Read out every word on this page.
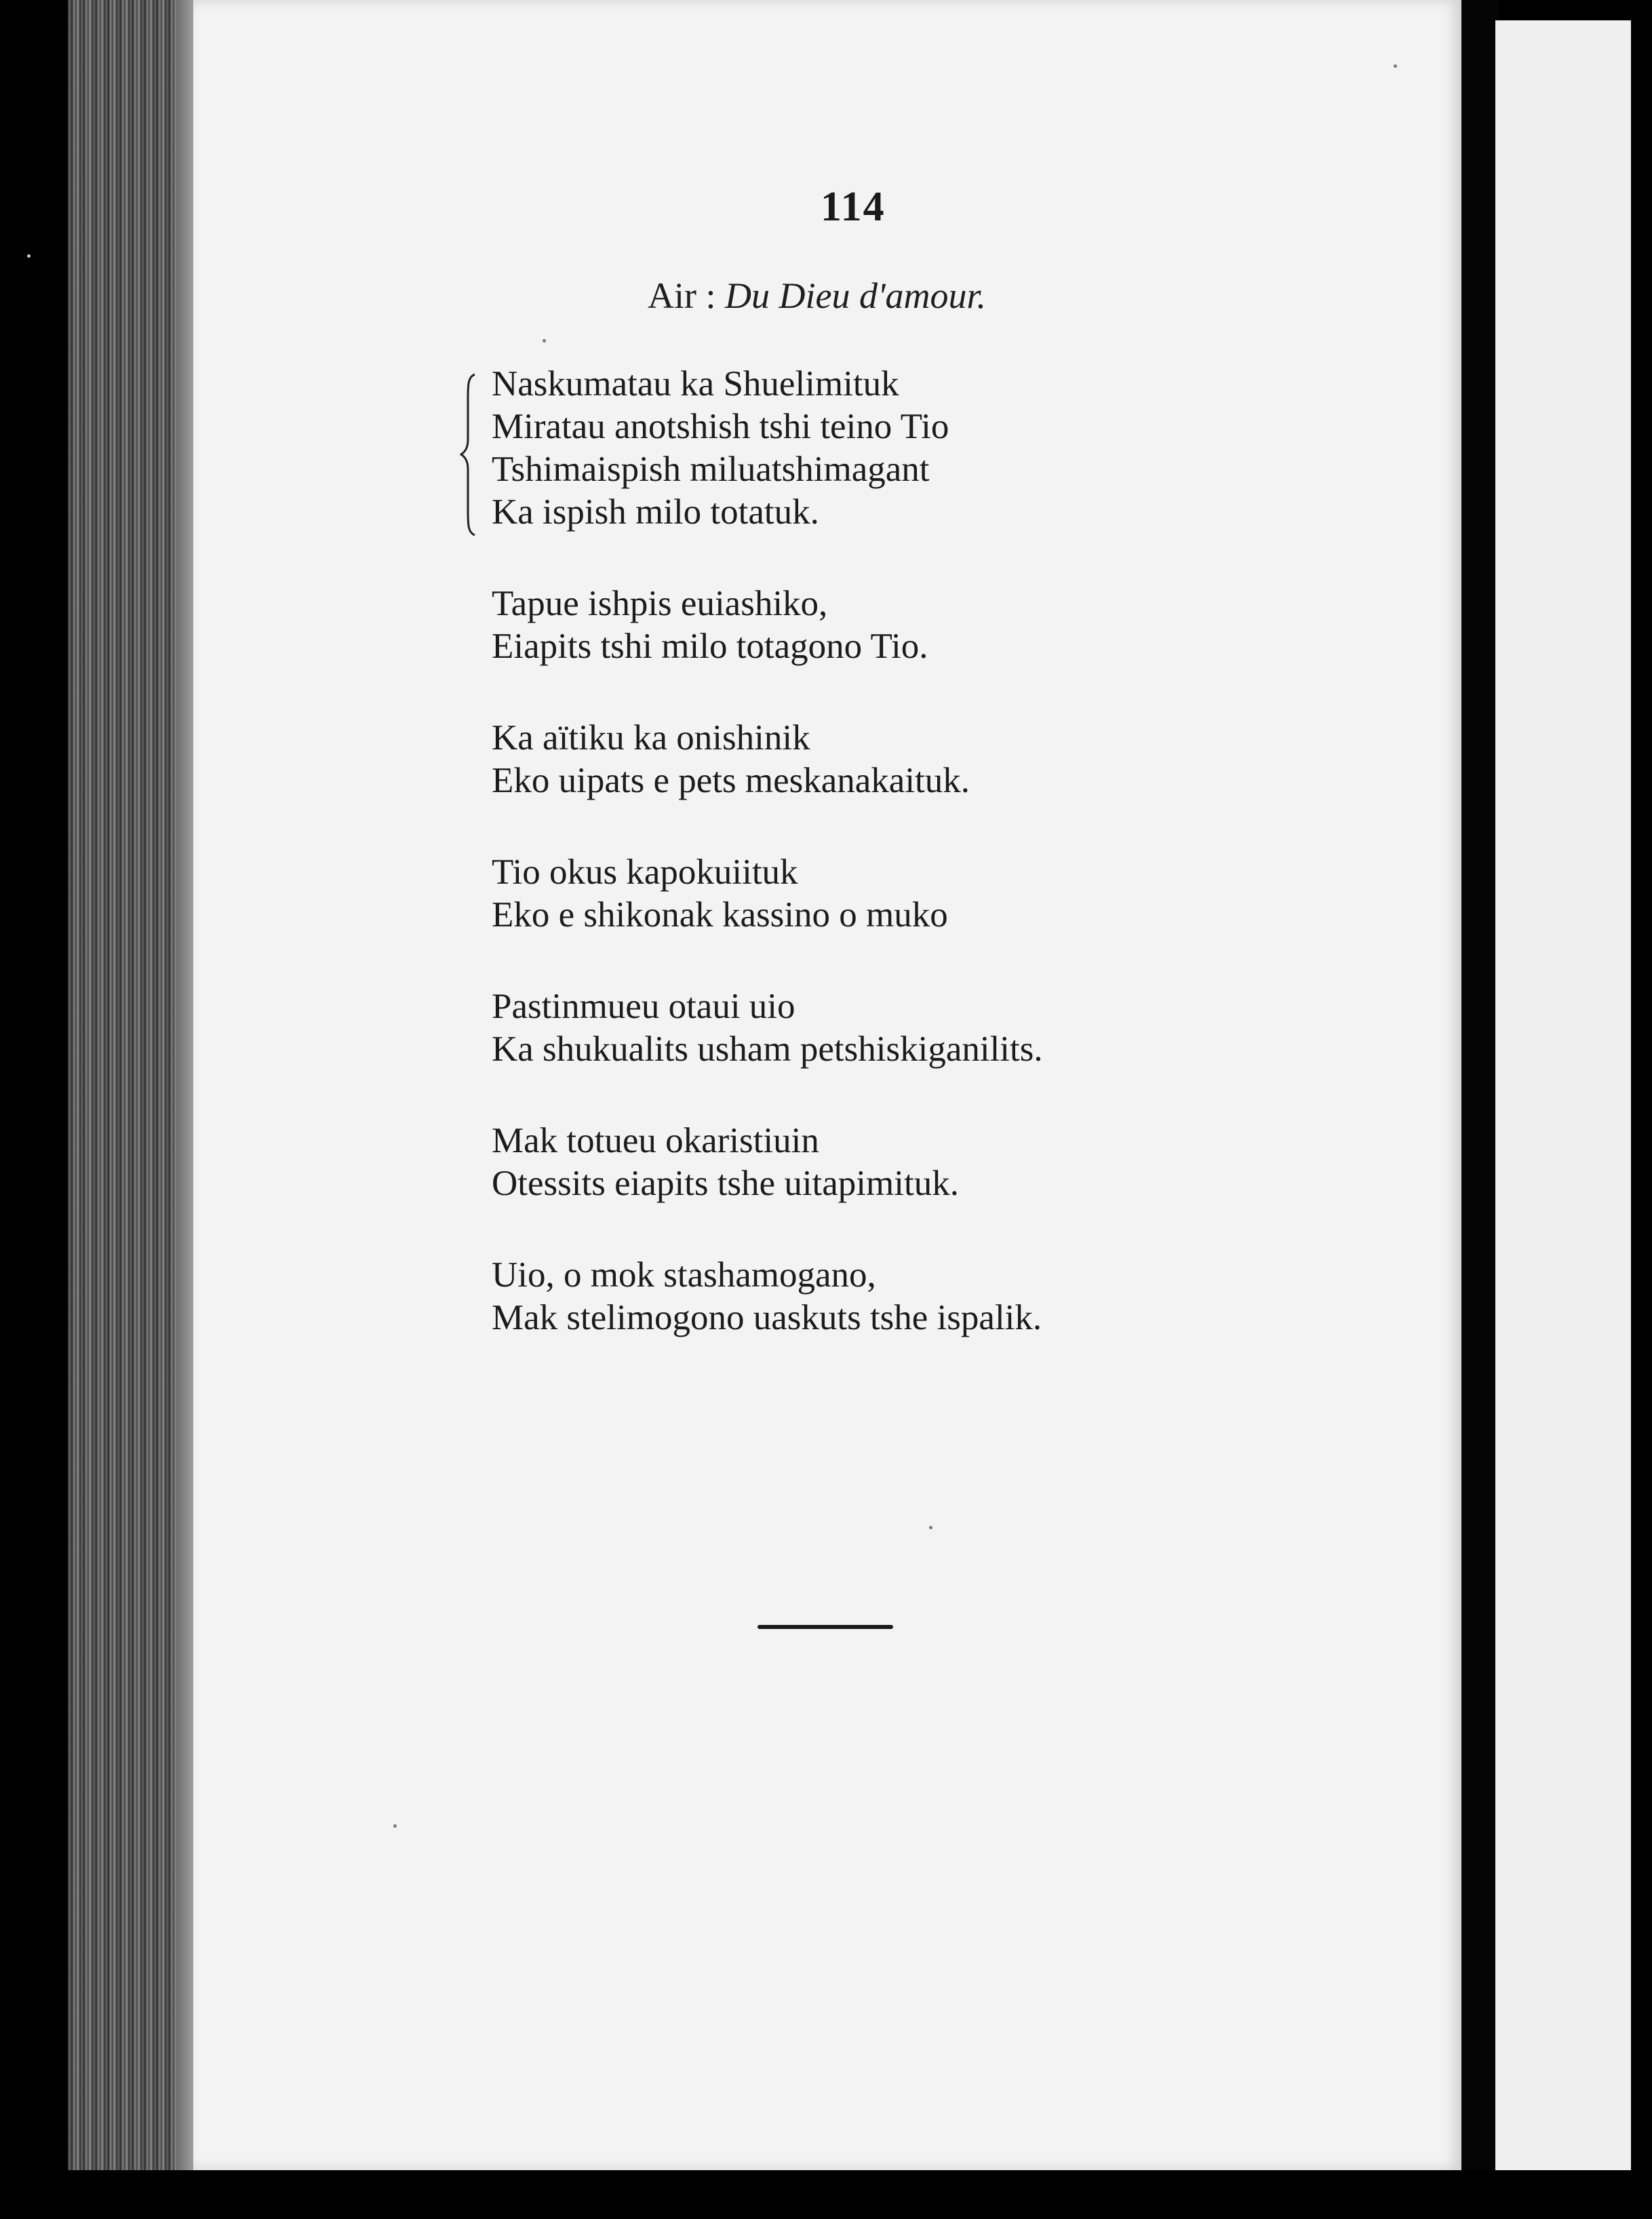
114
Air : Du Dieu d'amour.
Naskumatau ka Shuelimituk
Miratau anotshish tshi teino Tio
Tshimaispish miluatshimagant
Ka ispish milo totatuk.
Tapue ishpis euiashiko,
Eiapits tshi milo totagono Tio.
Ka aïtiku ka onishinik
Eko uipats e pets meskanakaituk.
Tio okus kapokuiituk
Eko e shikonak kassino o muko
Pastinmueu otaui uio
Ka shukualits usham petshiskiganilits.
Mak totueu okaristiuin
Otessits eiapits tshe uitapimituk.
Uio, o mok stashamogano,
Mak stelimogono uaskuts tshe ispalik.
